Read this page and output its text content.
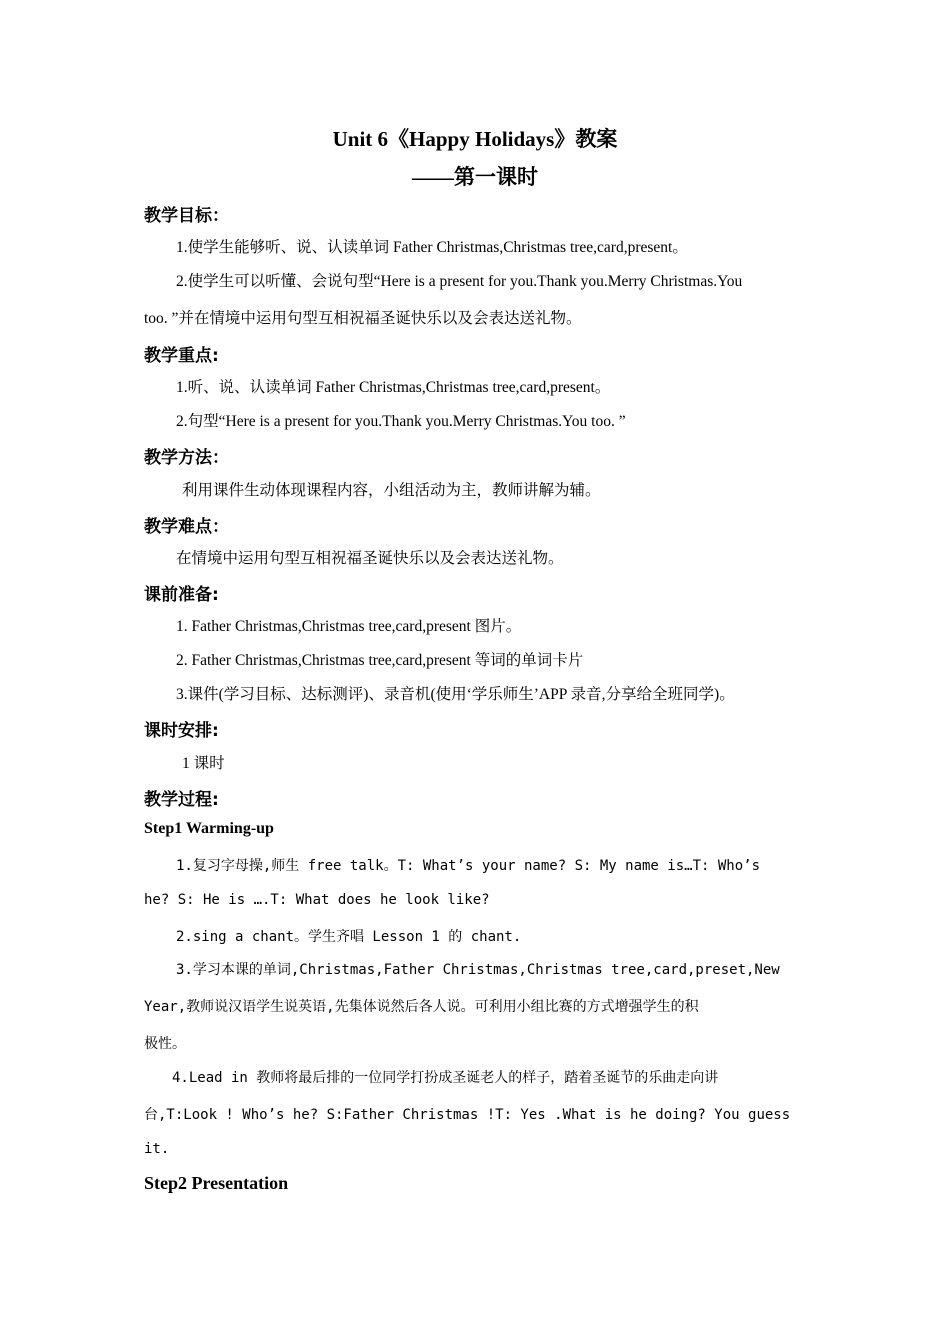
Unit 6《Happy Holidays》教案
——第一课时
教学目标：
1.使学生能够听、说、认读单词 Father Christmas,Christmas tree,card,present。
2.使学生可以听懂、会说句型“Here is a present for you.Thank you.Merry Christmas.You
too. ”并在情境中运用句型互相祝福圣诞快乐以及会表达送礼物。
教学重点:
1.听、说、认读单词 Father Christmas,Christmas tree,card,present。
2.句型“Here is a present for you.Thank you.Merry Christmas.You too. ”
教学方法：
利用课件生动体现课程内容，小组活动为主，教师讲解为辅。
教学难点：
在情境中运用句型互相祝福圣诞快乐以及会表达送礼物。
课前准备:
1. Father Christmas,Christmas tree,card,present 图片。
2. Father Christmas,Christmas tree,card,present 等词的单词卡片
3.课件(学习目标、达标测评)、录音机(使用‘学乐师生’APP 录音,分享给全班同学)。
课时安排:
1 课时
教学过程:
Step1 Warming-up
1.复习字母操,师生 free talk。T: What’s your name? S: My name is…T: Who’s
he? S: He is ….T: What does he look like?
2.sing a chant。学生齐唱 Lesson 1 的 chant.
3.学习本课的单词,Christmas,Father Christmas,Christmas tree,card,preset,New
Year,教师说汉语学生说英语,先集体说然后各人说。可利用小组比赛的方式增强学生的积
极性。
4.Lead in 教师将最后排的一位同学打扮成圣诞老人的样子，踏着圣诞节的乐曲走向讲
台,T:Look ! Who’s he? S:Father Christmas !T: Yes .What is he doing? You guess
it.
Step2 Presentation
